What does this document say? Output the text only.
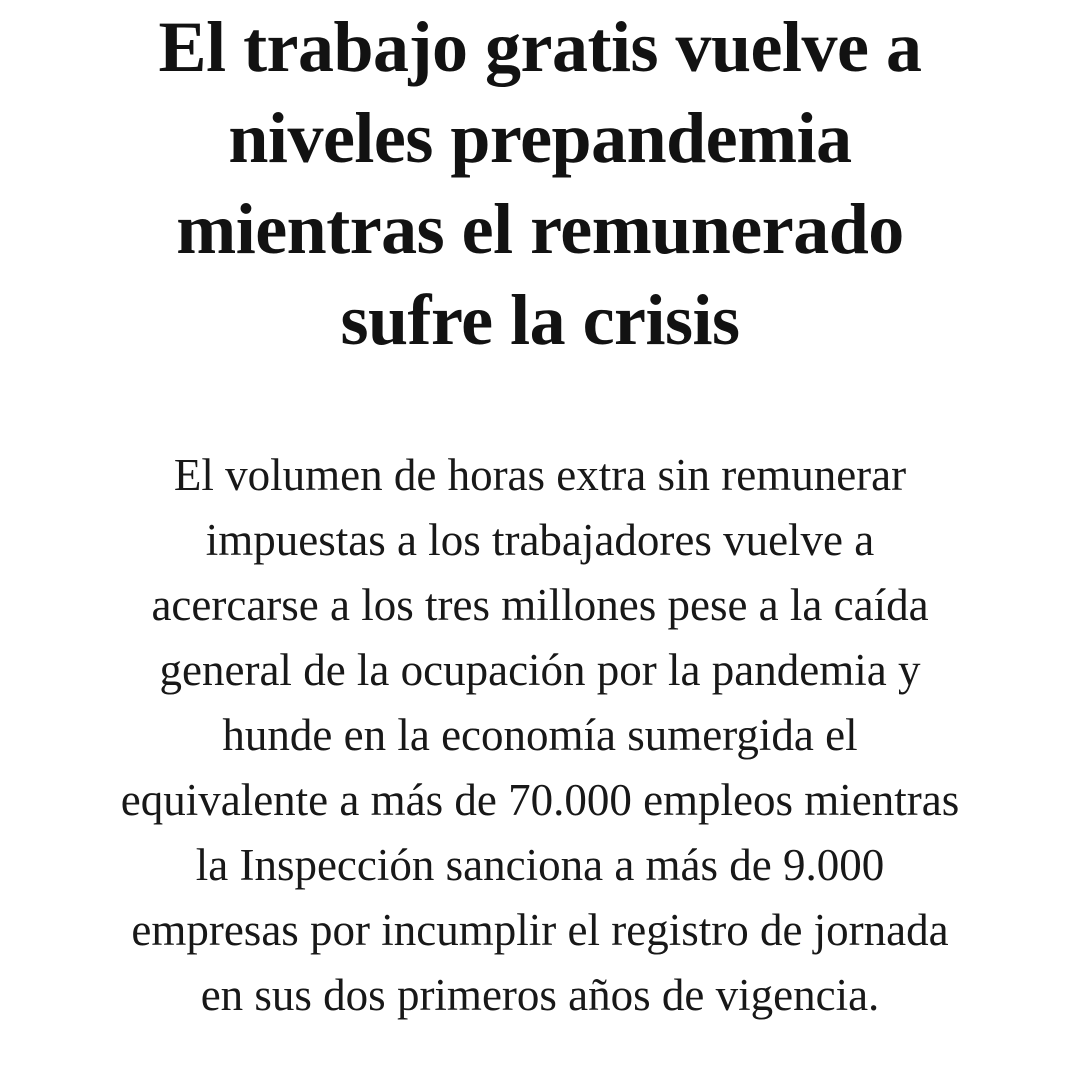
El trabajo gratis vuelve a
niveles prepandemia
mientras el remunerado
sufre la crisis

El volumen de horas extra sin remunerar
impuestas a los trabajadores vuelve a
acercarse a los tres millones pese a la caída
general de la ocupación por la pandemia y
hunde en la economía sumergida el
equivalente a más de 70.000 empleos mientras
la Inspección sanciona a más de 9.000
empresas por incumplir el registro de jornada
en sus dos primeros años de vigencia.
